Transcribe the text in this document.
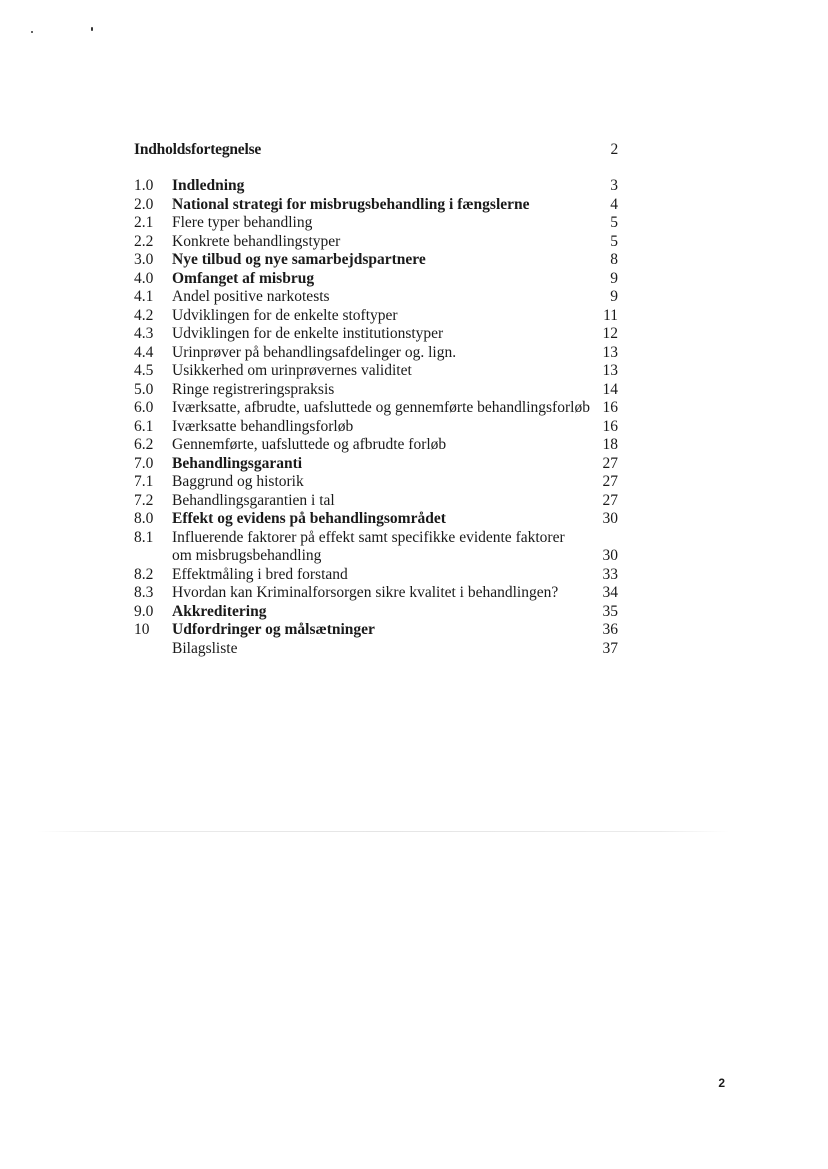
Indholdsfortegnelse	2
1.0	Indledning	3
2.0	National strategi for misbrugsbehandling i fængslerne	4
2.1	Flere typer behandling	5
2.2	Konkrete behandlingstyper	5
3.0	Nye tilbud og nye samarbejdspartnere	8
4.0	Omfanget af misbrug	9
4.1	Andel positive narkotests	9
4.2	Udviklingen for de enkelte stoftyper	11
4.3	Udviklingen for de enkelte institutionstyper	12
4.4	Urinprøver på behandlingsafdelinger og. lign.	13
4.5	Usikkerhed om urinprøvernes validitet	13
5.0	Ringe registreringspraksis	14
6.0	Iværksatte, afbrudte, uafsluttede og gennemførte behandlingsforløb 16
6.1	Iværksatte behandlingsforløb	16
6.2	Gennemførte, uafsluttede og afbrudte forløb	18
7.0	Behandlingsgaranti	27
7.1	Baggrund og historik	27
7.2	Behandlingsgarantien i tal	27
8.0	Effekt og evidens på behandlingsområdet	30
8.1	Influerende faktorer på effekt samt specifikke evidente faktorer
om misbrugsbehandling	30
8.2	Effektmåling i bred forstand	33
8.3	Hvordan kan Kriminalforsorgen sikre kvalitet i behandlingen?	34
9.0	Akkreditering	35
10	Udfordringer og målsætninger	36
Bilagsliste	37
2
